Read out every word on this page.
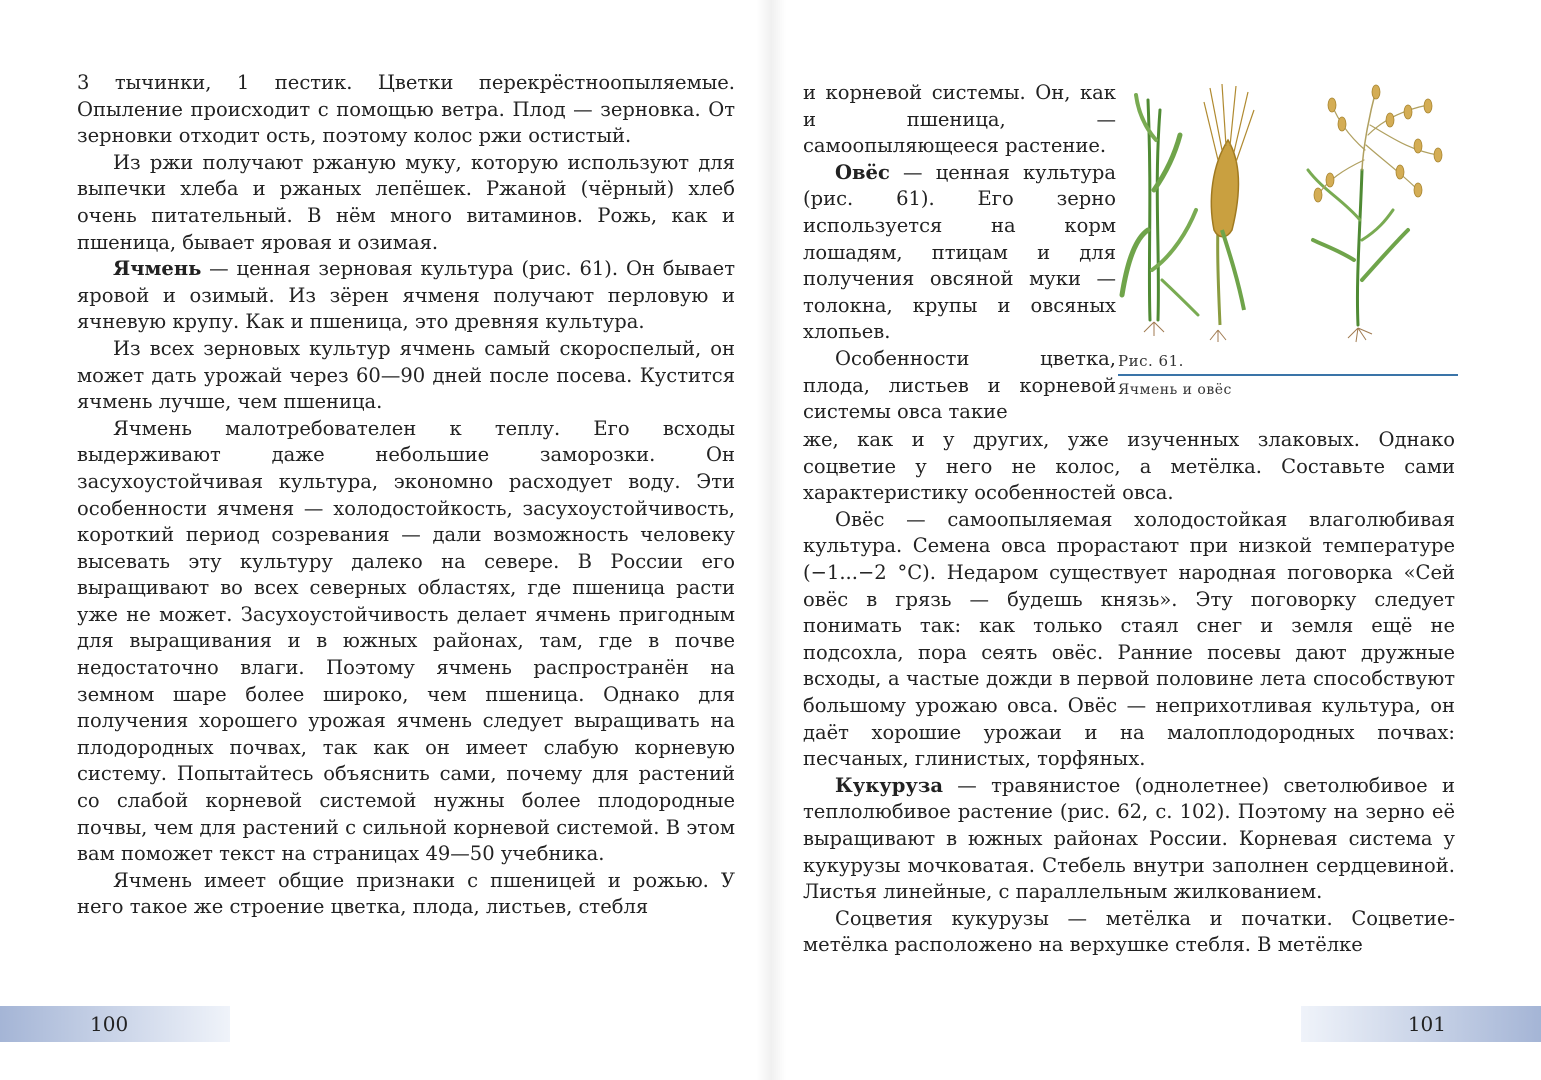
3 тычинки, 1 пестик. Цветки перекрёстноопыляемые. Опыление происходит с помощью ветра. Плод — зерновка. От зерновки отходит ость, поэтому колос ржи остистый.

Из ржи получают ржаную муку, которую используют для выпечки хлеба и ржаных лепёшек. Ржаной (чёрный) хлеб очень питательный. В нём много витаминов. Рожь, как и пшеница, бывает яровая и озимая.

Ячмень — ценная зерновая культура (рис. 61). Он бывает яровой и озимый. Из зёрен ячменя получают перловую и ячневую крупу. Как и пшеница, это древняя культура.

Из всех зерновых культур ячмень самый скороспелый, он может дать урожай через 60—90 дней после посева. Кустится ячмень лучше, чем пшеница.

Ячмень малотребователен к теплу. Его всходы выдерживают даже небольшие заморозки. Он засухоустойчивая культура, экономно расходует воду. Эти особенности ячменя — холодостойкость, засухоустойчивость, короткий период созревания — дали возможность человеку высевать эту культуру далеко на севере. В России его выращивают во всех северных областях, где пшеница расти уже не может. Засухоустойчивость делает ячмень пригодным для выращивания и в южных районах, там, где в почве недостаточно влаги. Поэтому ячмень распространён на земном шаре более широко, чем пшеница. Однако для получения хорошего урожая ячмень следует выращивать на плодородных почвах, так как он имеет слабую корневую систему. Попытайтесь объяснить сами, почему для растений со слабой корневой системой нужны более плодородные почвы, чем для растений с сильной корневой системой. В этом вам поможет текст на страницах 49—50 учебника.

Ячмень имеет общие признаки с пшеницей и рожью. У него такое же строение цветка, плода, листьев, стебля

100

и корневой системы. Он, как и пшеница, — самоопыляющееся растение.

Овёс — ценная культура (рис. 61). Его зерно используется на корм лошадям, птицам и для получения овсяной муки — толокна, крупы и овсяных хлопьев.

Особенности цветка, плода, листьев и корневой системы овса такие

Рис. 61.
Ячмень и овёс

же, как и у других, уже изученных злаковых. Однако соцветие у него не колос, а метёлка. Составьте сами характеристику особенностей овса.

Овёс — самоопыляемая холодостойкая влаголюбивая культура. Семена овса прорастают при низкой температуре (−1...−2 °C). Недаром существует народная поговорка «Сей овёс в грязь — будешь князь». Эту поговорку следует понимать так: как только стаял снег и земля ещё не подсохла, пора сеять овёс. Ранние посевы дают дружные всходы, а частые дожди в первой половине лета способствуют большому урожаю овса. Овёс — неприхотливая культура, он даёт хорошие урожаи и на малоплодородных почвах: песчаных, глинистых, торфяных.

Кукуруза — травянистое (однолетнее) светолюбивое и теплолюбивое растение (рис. 62, с. 102). Поэтому на зерно её выращивают в южных районах России. Корневая система у кукурузы мочковатая. Стебель внутри заполнен сердцевиной. Листья линейные, с параллельным жилкованием.

Соцветия кукурузы — метёлка и початки. Соцветие-метёлка расположено на верхушке стебля. В метёлке

101
